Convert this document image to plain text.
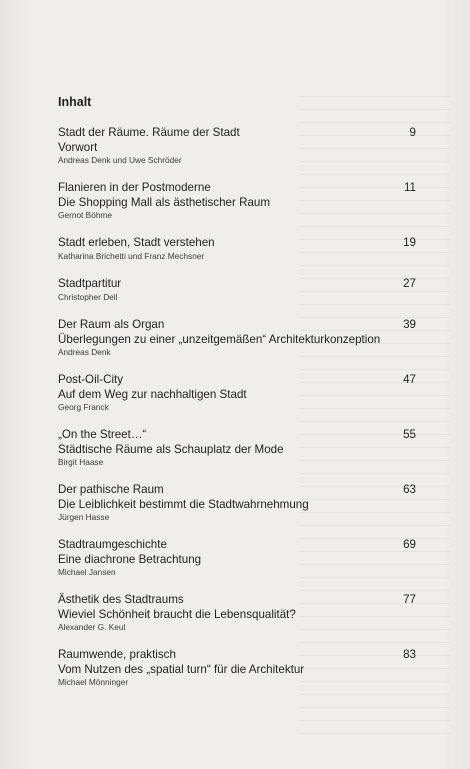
Inhalt
Stadt der Räume. Räume der Stadt	9
Vorwort
Andreas Denk und Uwe Schröder
Flanieren in der Postmoderne	11
Die Shopping Mall als ästhetischer Raum
Gernot Böhme
Stadt erleben, Stadt verstehen	19
Katharina Brichetti und Franz Mechsner
Stadtpartitur	27
Christopher Dell
Der Raum als Organ	39
Überlegungen zu einer „unzeitgemäßen“ Architekturkonzeption
Andreas Denk
Post-Oil-City	47
Auf dem Weg zur nachhaltigen Stadt
Georg Franck
„On the Street…“	55
Städtische Räume als Schauplatz der Mode
Birgit Haase
Der pathische Raum	63
Die Leiblichkeit bestimmt die Stadtwahrnehmung
Jürgen Hasse
Stadtraumgeschichte	69
Eine diachrone Betrachtung
Michael Jansen
Ästhetik des Stadtraums	77
Wieviel Schönheit braucht die Lebensqualität?
Alexander G. Keul
Raumwende, praktisch	83
Vom Nutzen des „spatial turn“ für die Architektur
Michael Mönninger
